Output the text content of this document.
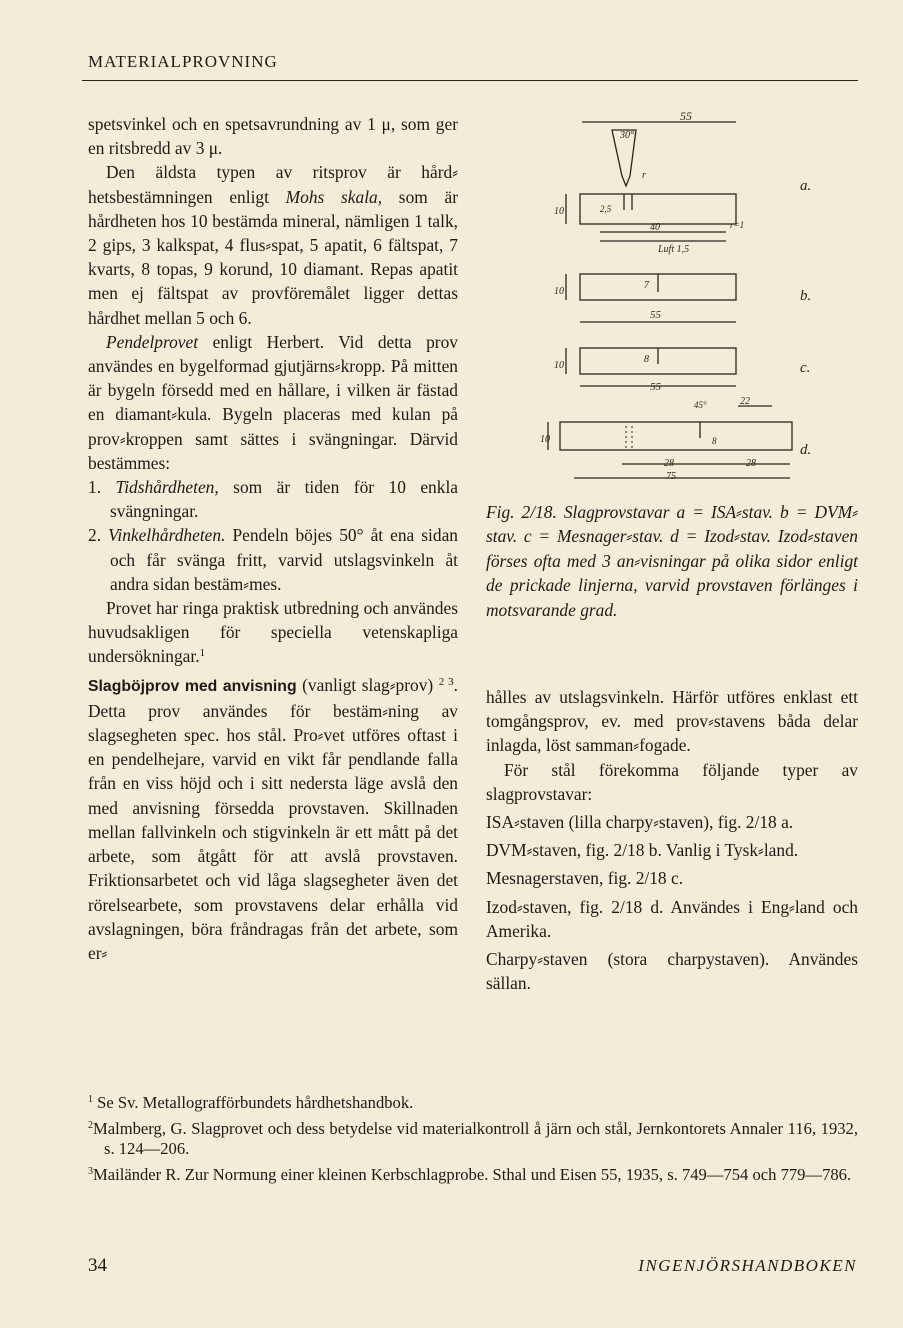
MATERIALPROVNING

spetsvinkel och en spetsavrundning av 1 μ, som ger en ritsbredd av 3 μ.

Den äldsta typen av ritsprov är hård⸗hetsbestämningen enligt Mohs skala, som är hårdheten hos 10 bestämda mineral, nämligen 1 talk, 2 gips, 3 kalkspat, 4 flus⸗spat, 5 apatit, 6 fältspat, 7 kvarts, 8 topas, 9 korund, 10 diamant. Repas apatit men ej fältspat av provföremålet ligger dettas hårdhet mellan 5 och 6.

Pendelprovet enligt Herbert. Vid detta prov användes en bygelformad gjutjärns⸗kropp. På mitten är bygeln försedd med en hållare, i vilken är fästad en diamant⸗kula. Bygeln placeras med kulan på prov⸗kroppen samt sättes i svängningar. Därvid bestämmes:

1. Tidshårdheten, som är tiden för 10 enkla svängningar.

2. Vinkelhårdheten. Pendeln böjes 50° åt ena sidan och får svänga fritt, varvid utslagsvinkeln åt andra sidan bestäm⸗mes.

Provet har ringa praktisk utbredning och användes huvudsakligen för speciella vetenskapliga undersökningar.$^1$

Slagböjprov med anvisning (vanligt slag⸗prov) $^{2 3}$. Detta prov användes för bestäm⸗ning av slagsegheten spec. hos stål. Pro⸗vet utföres oftast i en pendelhejare, varvid en vikt får pendlande falla från en viss höjd och i sitt nedersta läge avslå den med anvisning försedda provstaven. Skillnaden mellan fallvinkeln och stigvinkeln är ett mått på det arbete, som åtgått för att avslå provstaven. Friktionsarbetet och vid låga slagsegheter även det rörelsearbete, som provstavens delar erhålla vid avslagningen, böra fråndragas från det arbete, som er⸗

55
30°
r
10	2,5
40	r=1
Luft 1,5
a.
10
7
55
b.
10
8
55
c.
10
45°	22
8
28	28
75
d.
Fig. 2/18. Slagprovstavar a = ISA⸗stav. b = DVM⸗stav. c = Mesnager⸗stav. d = Izod⸗stav. Izod⸗staven förses ofta med 3 an⸗visningar på olika sidor enligt de prickade linjerna, varvid provstaven förlänges i motsvarande grad.

hålles av utslagsvinkeln. Härför utföres enklast ett tomgångsprov, ev. med prov⸗stavens båda delar inlagda, löst samman⸗fogade.

För stål förekomma följande typer av slagprovstavar:

ISA⸗staven (lilla charpy⸗staven), fig. 2/18 a.

DVM⸗staven, fig. 2/18 b. Vanlig i Tysk⸗land.

Mesnagerstaven, fig. 2/18 c.

Izod⸗staven, fig. 2/18 d. Användes i Eng⸗land och Amerika.

Charpy⸗staven (stora charpystaven). Användes sällan.

$^1$ Se Sv. Metallografförbundets hårdhetshandbok.

$^2$Malmberg, G. Slagprovet och dess betydelse vid materialkontroll å järn och stål, Jernkontorets Annaler 116, 1932, s. 124—206.

$^3$Mailänder R. Zur Normung einer kleinen Kerbschlagprobe. Sthal und Eisen 55, 1935, s. 749—754 och 779—786.

34	INGENJÖRSHANDBOKEN
